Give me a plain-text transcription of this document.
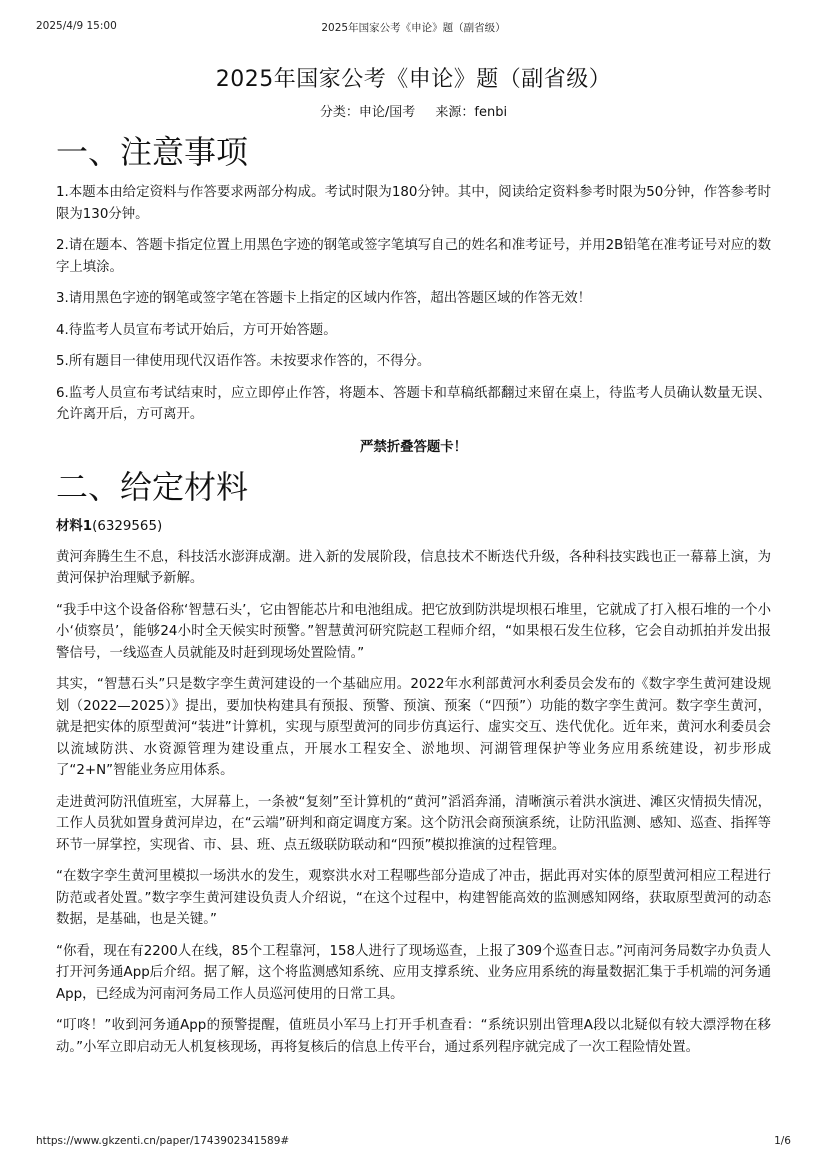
2025/4/9 15:00	2025年国家公考《申论》题（副省级）
2025年国家公考《申论》题（副省级）
分类：申论/国考 来源：fenbi
一、注意事项

1.本题本由给定资料与作答要求两部分构成。考试时限为180分钟。其中，阅读给定资料参考时限为50分钟，作答参考时限为130分钟。

2.请在题本、答题卡指定位置上用黑色字迹的钢笔或签字笔填写自己的姓名和准考证号，并用2B铅笔在准考证号对应的数字上填涂。

3.请用黑色字迹的钢笔或签字笔在答题卡上指定的区域内作答，超出答题区域的作答无效！

4.待监考人员宣布考试开始后，方可开始答题。

5.所有题目一律使用现代汉语作答。未按要求作答的，不得分。

6.监考人员宣布考试结束时，应立即停止作答，将题本、答题卡和草稿纸都翻过来留在桌上，待监考人员确认数量无误、允许离开后，方可离开。

严禁折叠答题卡！
二、给定材料
材料1(6329565)

黄河奔腾生生不息，科技活水澎湃成潮。进入新的发展阶段，信息技术不断迭代升级，各种科技实践也正一幕幕上演，为黄河保护治理赋予新解。

“我手中这个设备俗称‘智慧石头’，它由智能芯片和电池组成。把它放到防洪堤坝根石堆里，它就成了打入根石堆的一个小小‘侦察员’，能够24小时全天候实时预警。”智慧黄河研究院赵工程师介绍，“如果根石发生位移，它会自动抓拍并发出报警信号，一线巡查人员就能及时赶到现场处置险情。”

其实，“智慧石头”只是数字孪生黄河建设的一个基础应用。2022年水利部黄河水利委员会发布的《数字孪生黄河建设规划（2022—2025）》提出，要加快构建具有预报、预警、预演、预案（“四预”）功能的数字孪生黄河。数字孪生黄河，就是把实体的原型黄河“装进”计算机，实现与原型黄河的同步仿真运行、虚实交互、迭代优化。近年来，黄河水利委员会以流域防洪、水资源管理为建设重点，开展水工程安全、淤地坝、河湖管理保护等业务应用系统建设，初步形成了“2+N”智能业务应用体系。

走进黄河防汛值班室，大屏幕上，一条被“复刻”至计算机的“黄河”滔滔奔涌，清晰演示着洪水演进、滩区灾情损失情况，工作人员犹如置身黄河岸边，在“云端”研判和商定调度方案。这个防汛会商预演系统，让防汛监测、感知、巡查、指挥等环节一屏掌控，实现省、市、县、班、点五级联防联动和“四预”模拟推演的过程管理。

“在数字孪生黄河里模拟一场洪水的发生，观察洪水对工程哪些部分造成了冲击，据此再对实体的原型黄河相应工程进行防范或者处置。”数字孪生黄河建设负责人介绍说，“在这个过程中，构建智能高效的监测感知网络，获取原型黄河的动态数据，是基础，也是关键。”

“你看，现在有2200人在线，85个工程靠河，158人进行了现场巡查，上报了309个巡查日志。”河南河务局数字办负责人打开河务通App后介绍。据了解，这个将监测感知系统、应用支撑系统、业务应用系统的海量数据汇集于手机端的河务通App，已经成为河南河务局工作人员巡河使用的日常工具。

“叮咚！”收到河务通App的预警提醒，值班员小军马上打开手机查看：“系统识别出管理A段以北疑似有较大漂浮物在移动。”小军立即启动无人机复核现场，再将复核后的信息上传平台，通过系列程序就完成了一次工程险情处置。

https://www.gkzenti.cn/paper/1743902341589#	1/6
